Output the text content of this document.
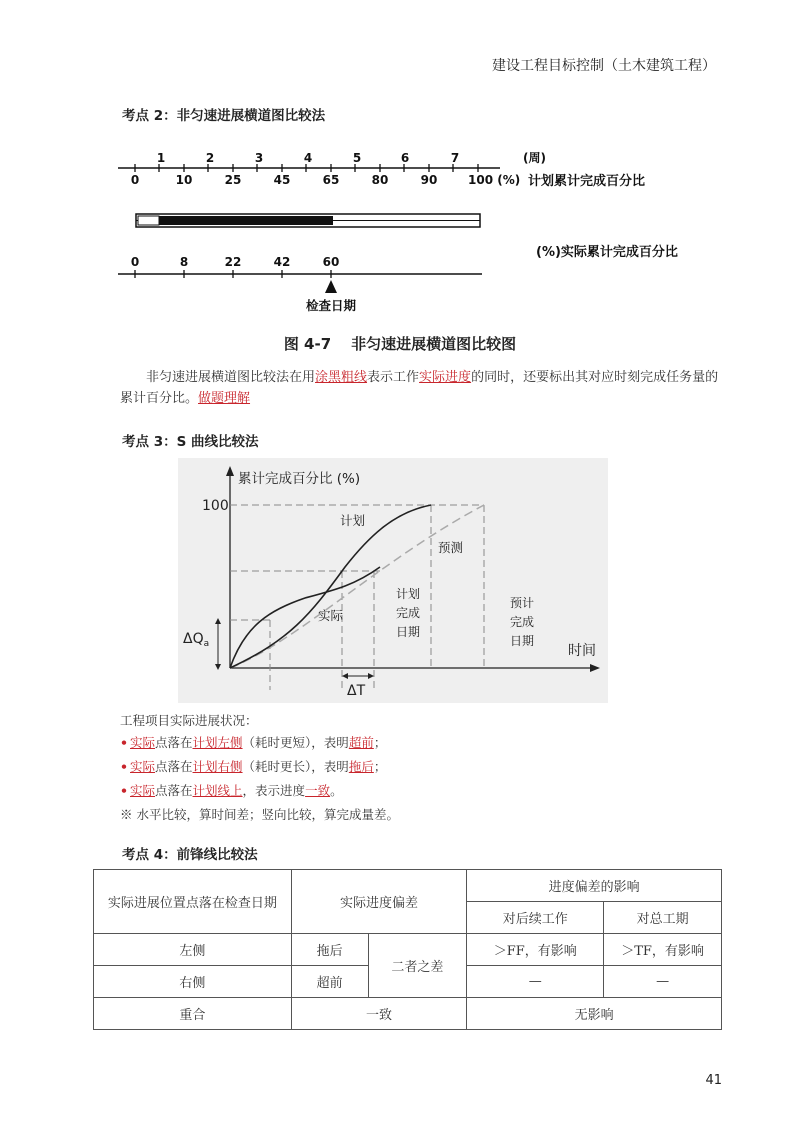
建设工程目标控制（土木建筑工程）
考点 2：非匀速进展横道图比较法
1	2	3	4	5	6	7	(周)
0	10	25	45	65	80	90	100 (%) 计划累计完成百分比
(%)实际累计完成百分比
0	8	22	42	60
检查日期
图 4-7 非匀速进展横道图比较图
非匀速进展横道图比较法在用涂黑粗线表示工作实际进度的同时，还要标出其对应时刻完成任务量的累计百分比。做题理解
考点 3：S 曲线比较法
累计完成百分比 (%)
100
计划
预测
实际
计划
完成
日期
预计
完成
日期
$\Delta Q_a$
ΔT
时间
工程项目实际进展状况：
• 实际点落在计划左侧（耗时更短），表明超前；
• 实际点落在计划右侧（耗时更长），表明拖后；
• 实际点落在计划线上，表示进度一致。
※ 水平比较，算时间差；竖向比较，算完成量差。
考点 4：前锋线比较法
实际进展位置点落在检查日期	实际进度偏差		进度偏差的影响	
			对后续工作	对总工期
左侧	拖后	二者之差	＞FF，有影响	＞TF，有影响
右侧	超前		—	—
重合	一致		无影响	
41
